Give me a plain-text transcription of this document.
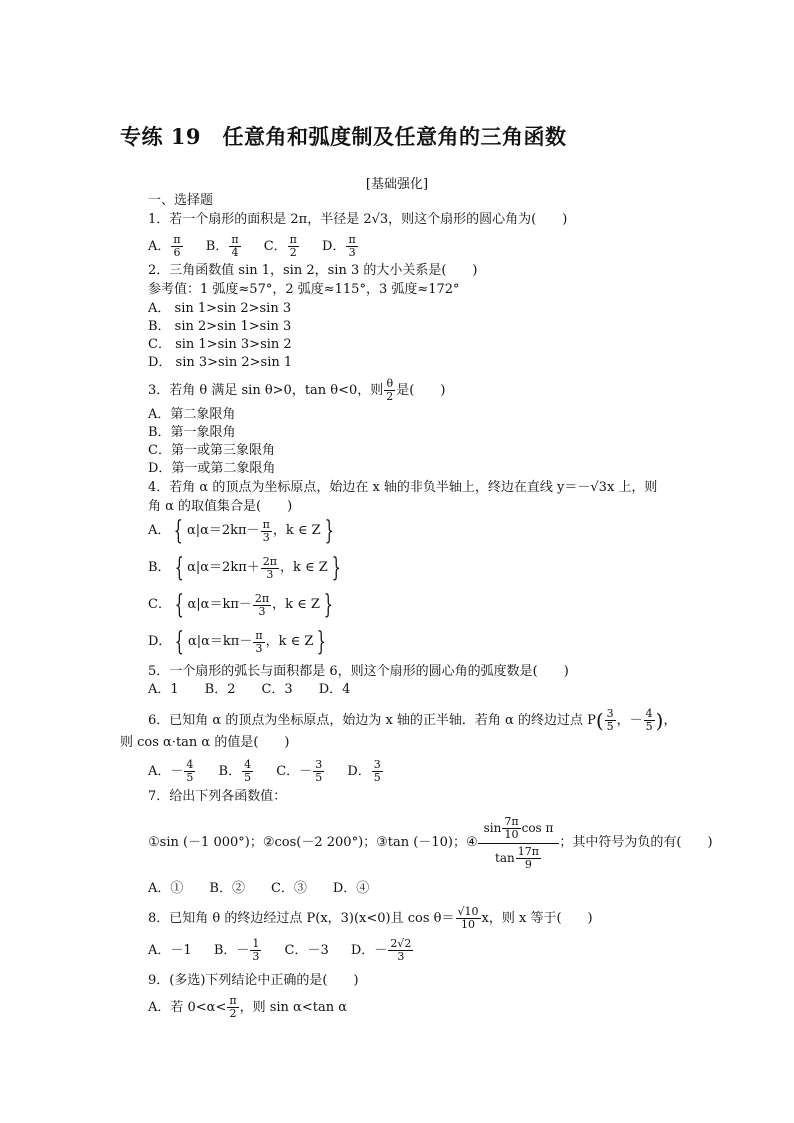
专练 19　任意角和弧度制及任意角的三角函数
[基础强化]
一、选择题
1．若一个扇形的面积是 2π，半径是 2√3，则这个扇形的圆心角为(　　)
A． $\frac{\pi}{6}$ B． $\frac{\pi}{4}$ C． $\frac{\pi}{2}$ D． $\frac{\pi}{3}$
2．三角函数值 sin 1，sin 2，sin 3 的大小关系是(　　)
参考值：1 弧度≈57°，2 弧度≈115°，3 弧度≈172°
A． sin 1>sin 2>sin 3
B． sin 2>sin 1>sin 3
C． sin 1>sin 3>sin 2
D． sin 3>sin 2>sin 1
3．若角 θ 满足 sin θ>0，tan θ<0，则 $\frac{\theta}{2}$ 是(　　)
A．第二象限角
B．第一象限角
C．第一或第三象限角
D．第一或第二象限角
4．若角 α 的顶点为坐标原点，始边在 x 轴的非负半轴上，终边在直线 y＝－√3x 上，则
角 α 的取值集合是(　　)
A． { $\alpha|\alpha=2k\pi- \frac{\pi}{3}$ ，k ∈ Z }
B． { $\alpha|\alpha=2k\pi+ \frac{2\pi}{3}$ ，k ∈ Z }
C． { $\alpha|\alpha=k\pi- \frac{2\pi}{3}$ ，k ∈ Z }
D． { $\alpha|\alpha=k\pi- \frac{\pi}{3}$ ，k ∈ Z }
5．一个扇形的弧长与面积都是 6，则这个扇形的圆心角的弧度数是(　　)
A．1　　B．2　　C．3　　D．4
6．已知角 α 的顶点为坐标原点，始边为 x 轴的正半轴．若角 α 的终边过点 $P( \frac{3}{5}$ ，－ $\frac{4}{5}$ )，
则 cos α·tan α 的值是(　　)
A．－ $\frac{4}{5}$ B． $\frac{4}{5}$ C．－ $\frac{3}{5}$ D． $\frac{3}{5}$
7．给出下列各函数值：
①sin (－1 000°)；②cos(－2 200°)；③tan (－10)；④
$\sin \frac{7\pi}{10}$ cos π
$\tan \frac{17\pi}{9}$
；其中符号为负的有(　　)
A．①　　B．②　　C．③　　D．④
8．已知角 θ 的终边经过点 P(x，3)(x<0)且 $\cos \theta= \frac{√10}{10}$ x，则 x 等于(　　)
A．－1 B．－ $\frac{1}{3}$ C．－3 D．－ $\frac{2√2}{3}$
9．(多选)下列结论中正确的是(　　)
A．若 $0<\alpha< \frac{\pi}{2}$ ，则 sin α<tan α
